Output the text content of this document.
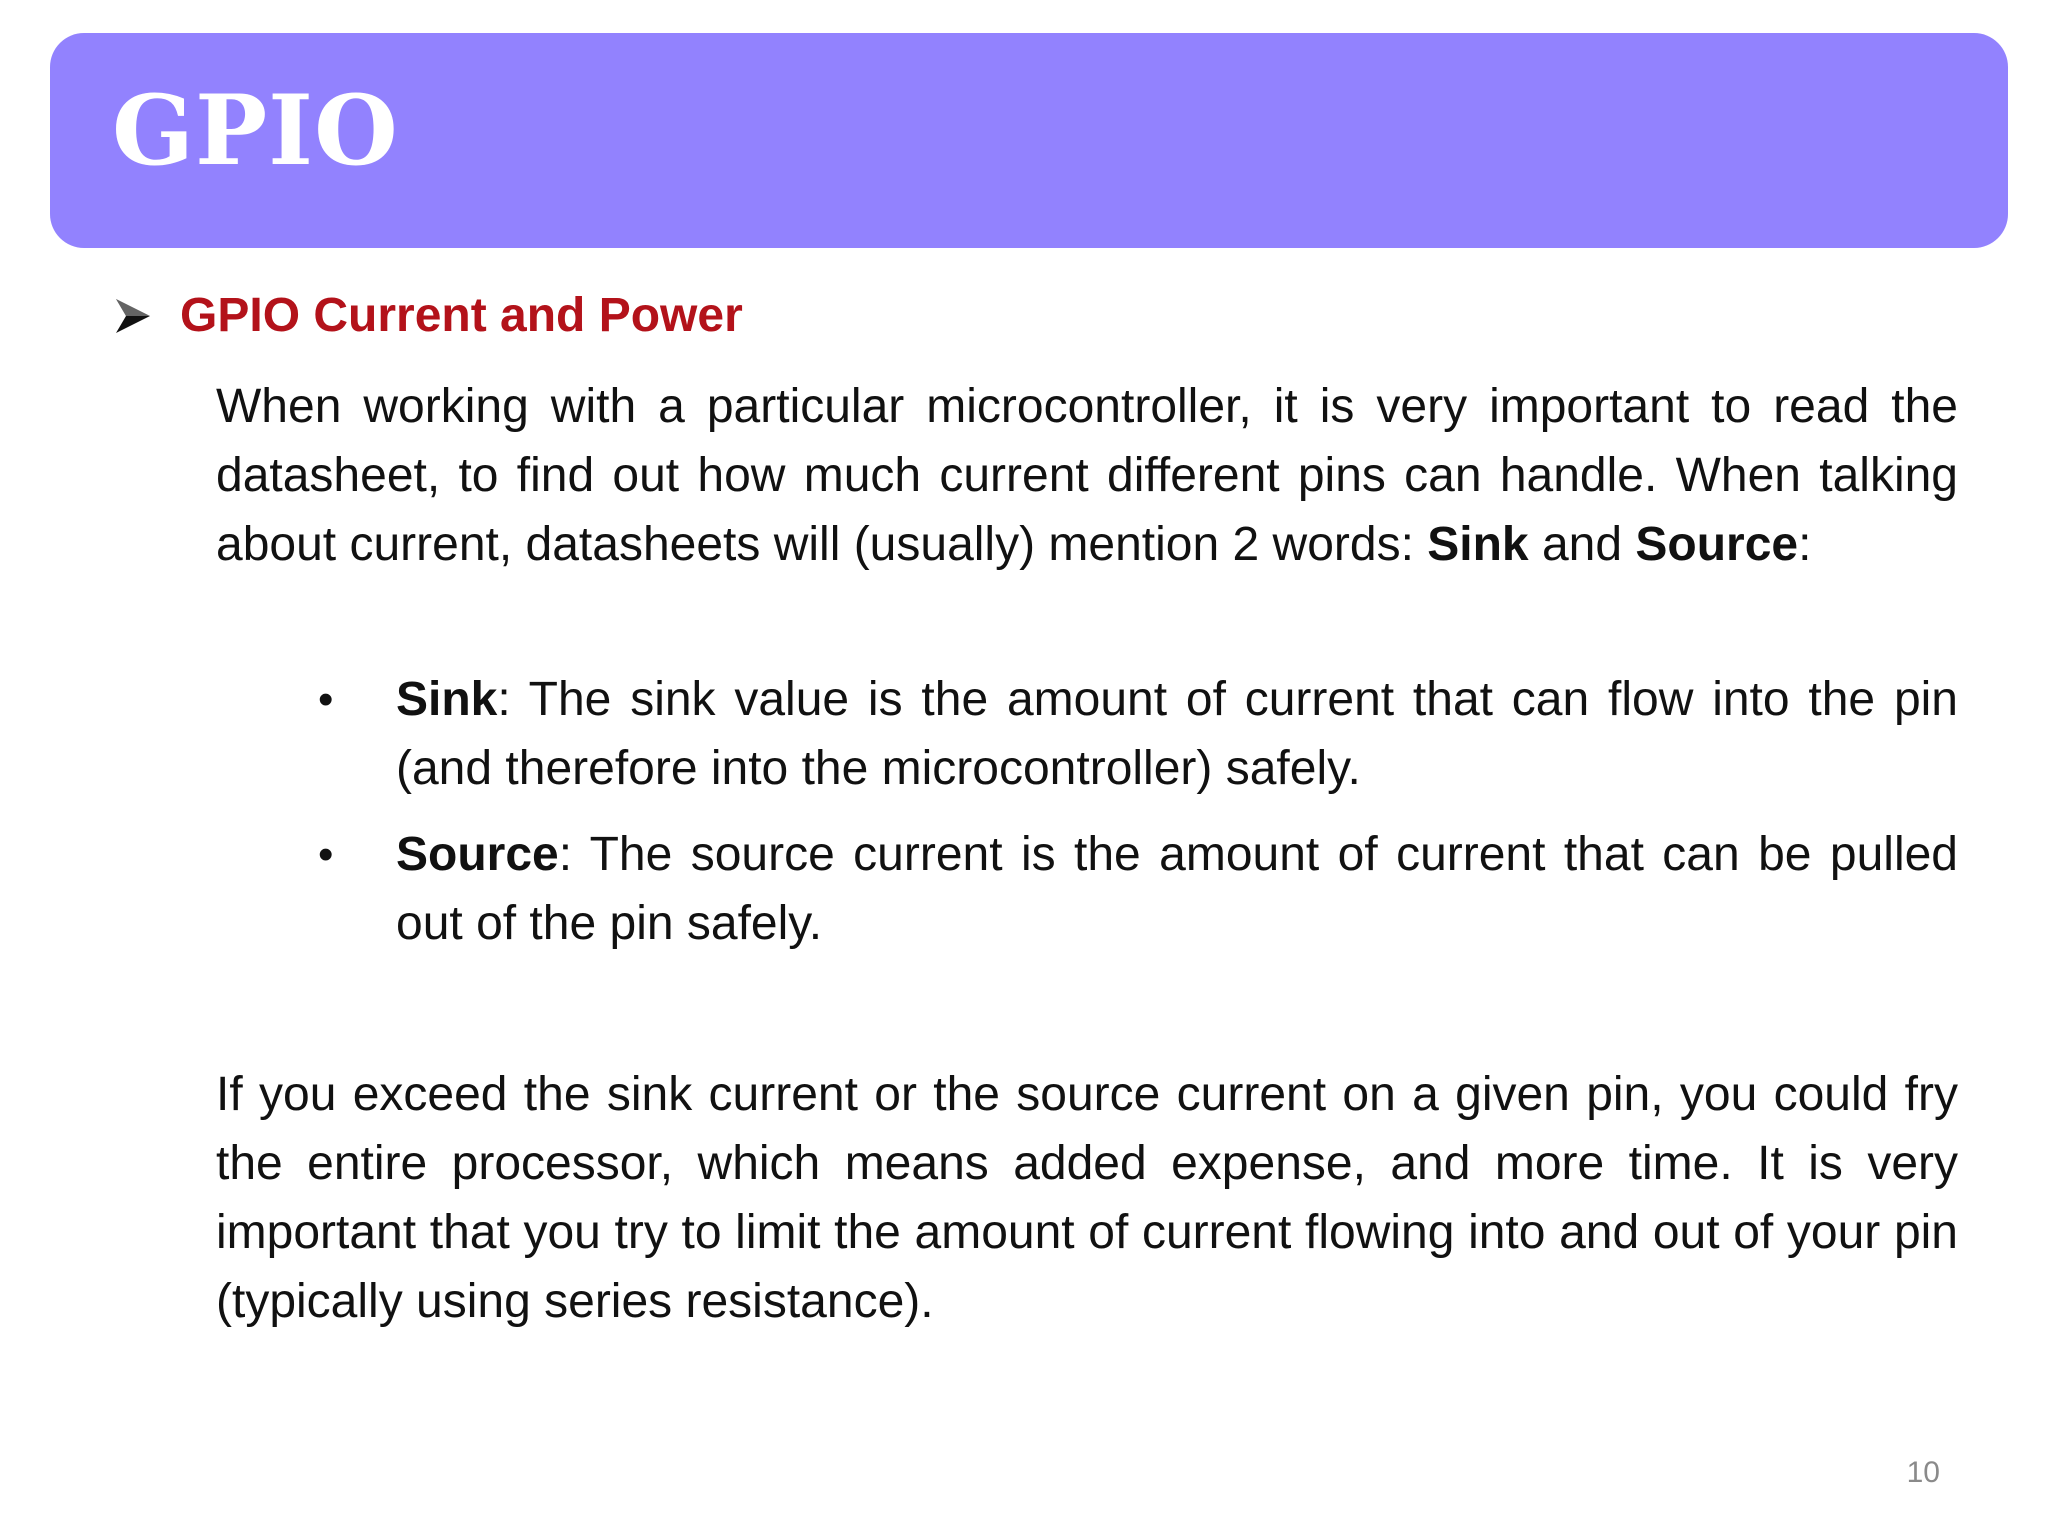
GPIO
GPIO Current and Power

When working with a particular microcontroller, it is very important to read the datasheet, to find out how much current different pins can handle. When talking about current, datasheets will (usually) mention 2 words: Sink and Source:

• Sink: The sink value is the amount of current that can flow into the pin (and therefore into the microcontroller) safely.
• Source: The source current is the amount of current that can be pulled out of the pin safely.

If you exceed the sink current or the source current on a given pin, you could fry the entire processor, which means added expense, and more time. It is very important that you try to limit the amount of current flowing into and out of your pin (typically using series resistance).

10
